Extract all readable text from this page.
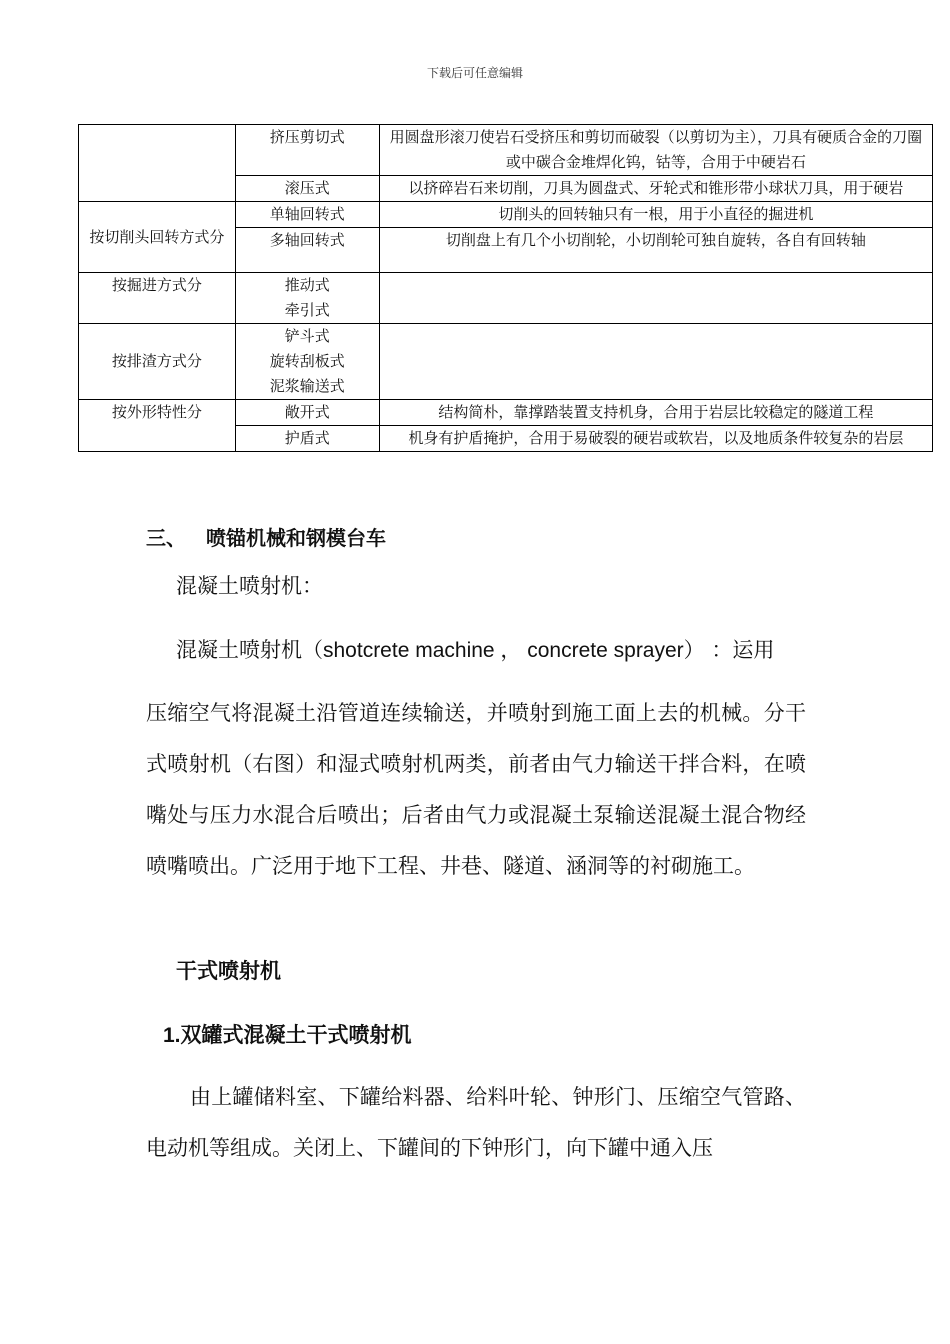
下载后可任意编辑
	挤压剪切式	用圆盘形滚刀使岩石受挤压和剪切而破裂（以剪切为主），刀具有硬质合金的刀圈或中碳合金堆焊化钨，钴等，合用于中硬岩石
	滚压式	以挤碎岩石来切削，刀具为圆盘式、牙轮式和锥形带小球状刀具，用于硬岩
按切削头回转方式分	单轴回转式	切削头的回转轴只有一根，用于小直径的掘进机
	多轴回转式	切削盘上有几个小切削轮，小切削轮可独自旋转，各自有回转轴
按掘进方式分	推动式
牵引式	

按排渣方式分	铲斗式
旋转刮板式
泥浆输送式	

按外形特性分	敞开式	结构简朴，靠撑踏装置支持机身，合用于岩层比较稳定的隧道工程
	护盾式	机身有护盾掩护，合用于易破裂的硬岩或软岩，以及地质条件较复杂的岩层
三、 喷锚机械和钢模台车
混凝土喷射机：
混凝土喷射机（shotcrete machine ， concrete sprayer） ：运用
压缩空气将混凝土沿管道连续输送，并喷射到施工面上去的机械。分干式喷射机（右图）和湿式喷射机两类，前者由气力输送干拌合料，在喷嘴处与压力水混合后喷出；后者由气力或混凝土泵输送混凝土混合物经喷嘴喷出。广泛用于地下工程、井巷、隧道、涵洞等的衬砌施工。
干式喷射机
1.双罐式混凝土干式喷射机
由上罐储料室、下罐给料器、给料叶轮、钟形门、压缩空气管路、电动机等组成。关闭上、下罐间的下钟形门，向下罐中通入压
